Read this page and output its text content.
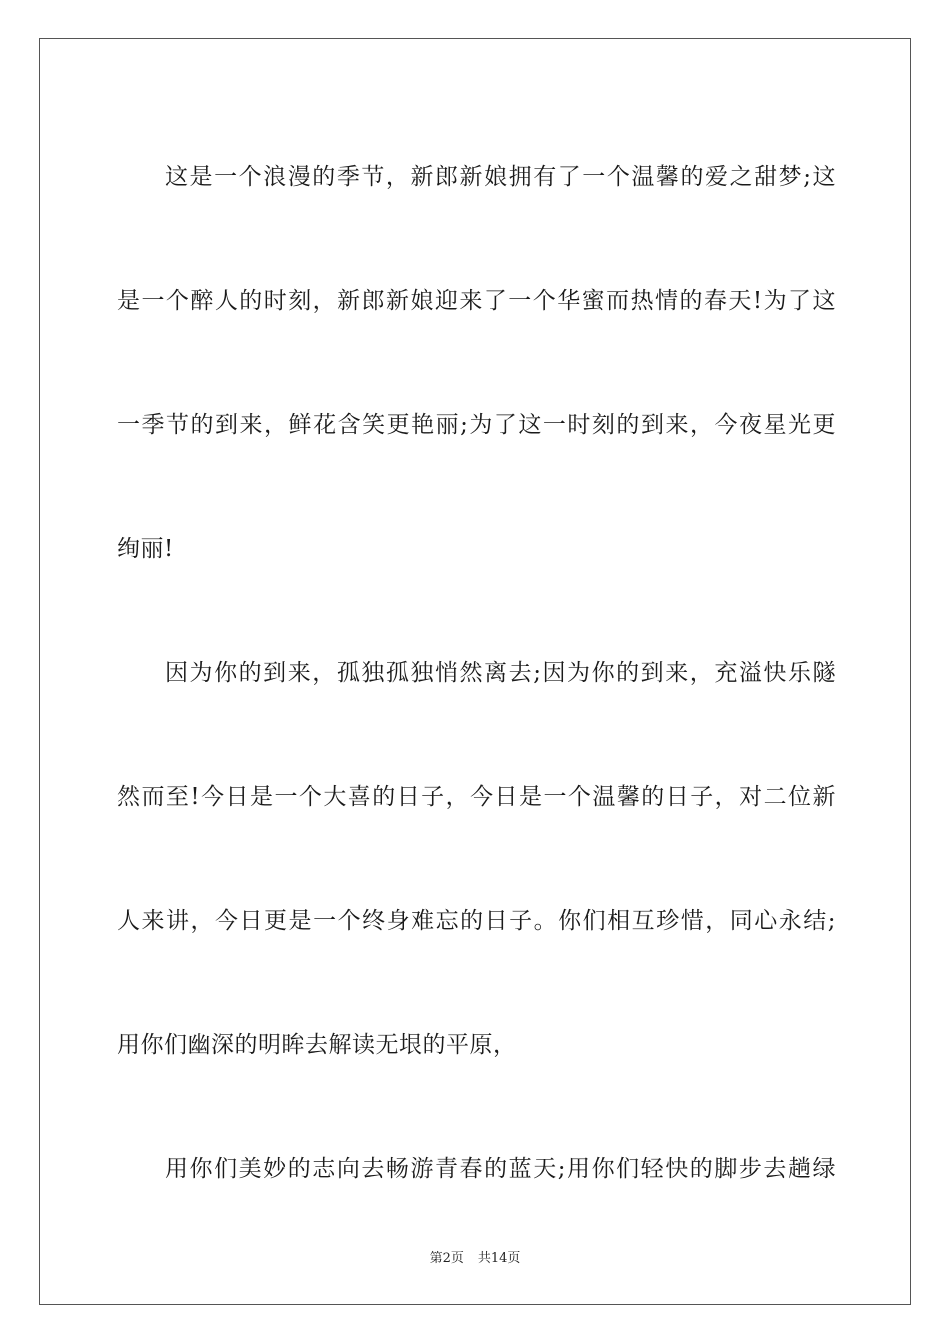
这是一个浪漫的季节，新郎新娘拥有了一个温馨的爱之甜梦;这
是一个醉人的时刻，新郎新娘迎来了一个华蜜而热情的春天!为了这
一季节的到来，鲜花含笑更艳丽;为了这一时刻的到来，今夜星光更
绚丽!
因为你的到来，孤独孤独悄然离去;因为你的到来，充溢快乐隧
然而至!今日是一个大喜的日子，今日是一个温馨的日子，对二位新
人来讲，今日更是一个终身难忘的日子。你们相互珍惜，同心永结;
用你们幽深的明眸去解读无垠的平原，
用你们美妙的志向去畅游青春的蓝天;用你们轻快的脚步去趟绿
第2页 共14页
